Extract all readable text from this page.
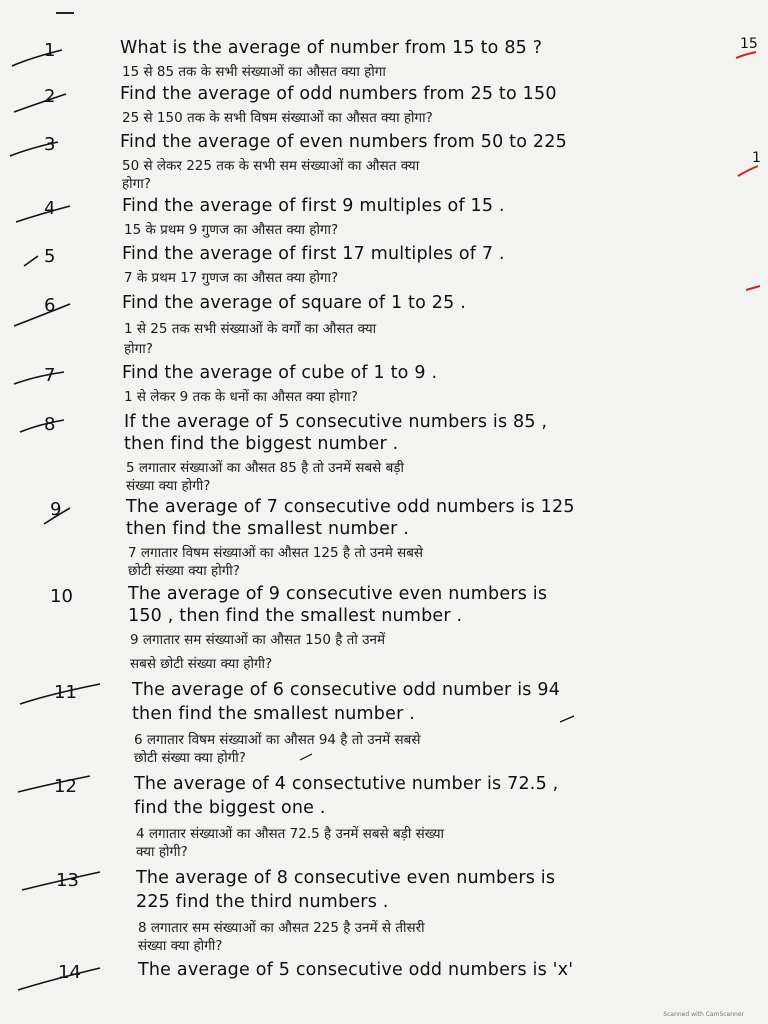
15
1
1	What is the average of number from 15 to 85 ?
15 से 85 तक के सभी संख्याओं का औसत क्या होगा
2	Find the average of odd numbers from 25 to 150
25 से 150 तक के सभी विषम संख्याओं का औसत क्या होगा?
3	Find the average of even numbers from 50 to 225
50 से लेकर 225 तक के सभी सम संख्याओं का औसत क्या
होगा?
4	Find the average of first 9 multiples of 15 .
15 के प्रथम 9 गुणज का औसत क्या होगा?
5	Find the average of first 17 multiples of 7 .
7 के प्रथम 17 गुणज का औसत क्या होगा?
6	Find the average of square of 1 to 25 .
1 से 25 तक सभी संख्याओं के वर्गों का औसत क्या
होगा?
7	Find the average of cube of 1 to 9 .
1 से लेकर 9 तक के धनों का औसत क्या होगा?
8	If the average of 5 consecutive numbers is 85 ,
then find the biggest number .
5 लगातार संख्याओं का औसत 85 है तो उनमें सबसे बड़ी
संख्या क्या होगी?
9	The average of 7 consecutive odd numbers is 125
then find the smallest number .
7 लगातार विषम संख्याओं का औसत 125 है तो उनमे सबसे
छोटी संख्या क्या होगी?
10	The average of 9 consecutive even numbers is
150 , then find the smallest number .
9 लगातार सम संख्याओं का औसत 150 है तो उनमें
सबसे छोटी संख्या क्या होगी?
11	The average of 6 consecutive odd number is 94
then find the smallest number .
6 लगातार विषम संख्याओं का औसत 94 है तो उनमें सबसे
छोटी संख्या क्या होगी?
12	The average of 4 consectutive number is 72.5 ,
find the biggest one .
4 लगातार संख्याओं का औसत 72.5 है उनमें सबसे बड़ी संख्या
क्या होगी?
13	The average of 8 consecutive even numbers is
225 find the third numbers .
8 लगातार सम संख्याओं का औसत 225 है उनमें से तीसरी
संख्या क्या होगी?
14	The average of 5 consecutive odd numbers is 'x'
Scanned with CamScanner
